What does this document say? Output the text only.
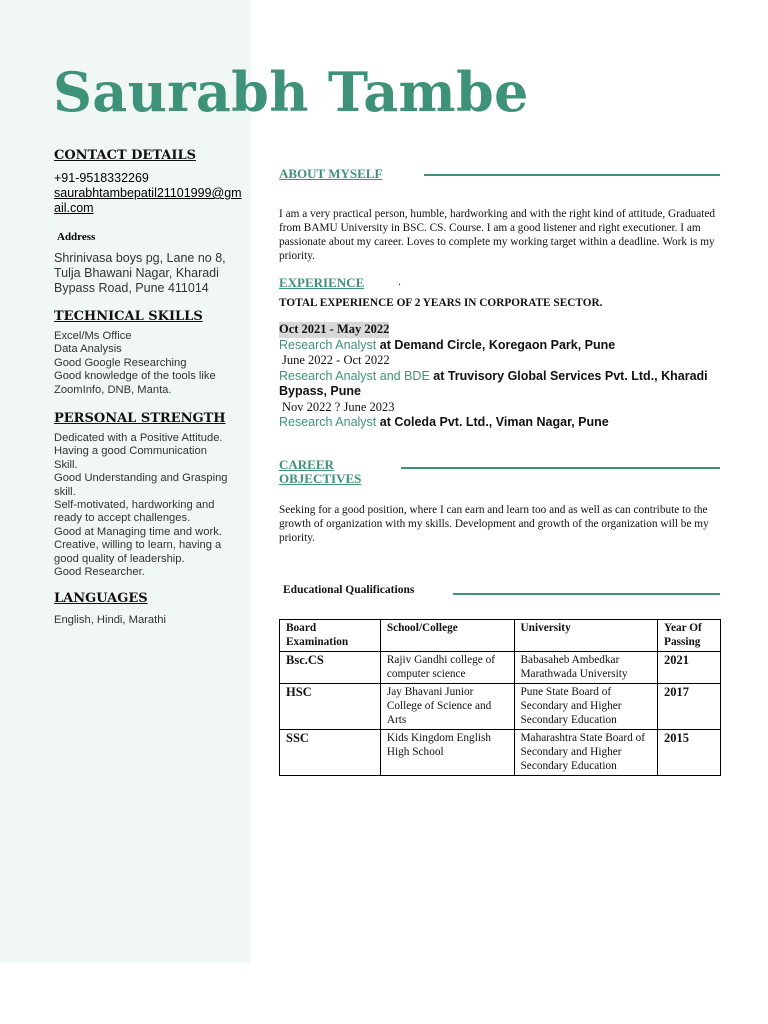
Saurabh Tambe
CONTACT DETAILS
+91-9518332269
saurabhtambepatil21101999@gmail.com
Address
Shrinivasa boys pg, Lane no 8,
Tulja Bhawani Nagar, Kharadi
Bypass Road, Pune 411014
TECHNICAL SKILLS
Excel/Ms Office
Data Analysis
Good Google Researching
Good knowledge of the tools like
ZoomInfo, DNB, Manta.
PERSONAL STRENGTH
Dedicated with a Positive Attitude.
Having a good Communication
Skill.
Good Understanding and Grasping
skill.
Self-motivated, hardworking and
ready to accept challenges.
Good at Managing time and work.
Creative, willing to learn, having a
good quality of leadership.
Good Researcher.
LANGUAGES
English, Hindi, Marathi
ABOUT MYSELF

I am a very practical person, humble, hardworking and with the right kind of attitude, Graduated from BAMU University in BSC. CS. Course. I am a good listener and right executioner. I am passionate about my career. Loves to complete my working target within a deadline. Work is my priority.

EXPERIENCE	.

TOTAL EXPERIENCE OF 2 YEARS IN CORPORATE SECTOR.

Oct 2021 - May 2022
Research Analyst at Demand Circle, Koregaon Park, Pune
June 2022 - Oct 2022
Research Analyst and BDE at Truvisory Global Services Pvt. Ltd., Kharadi Bypass, Pune
Nov 2022 ? June 2023
Research Analyst at Coleda Pvt. Ltd., Viman Nagar, Pune
CAREER
OBJECTIVES

Seeking for a good position, where I can earn and learn too and as well as can contribute to the growth of organization with my skills. Development and growth of the organization will be my priority.

Educational Qualifications
Board Examination	School/College	University	Year Of Passing
Bsc.CS	Rajiv Gandhi college of computer science	Babasaheb Ambedkar Marathwada University	2021
HSC	Jay Bhavani Junior College of Science and Arts	Pune State Board of Secondary and Higher Secondary Education	2017
SSC	Kids Kingdom English High School	Maharashtra State Board of Secondary and Higher Secondary Education	2015
